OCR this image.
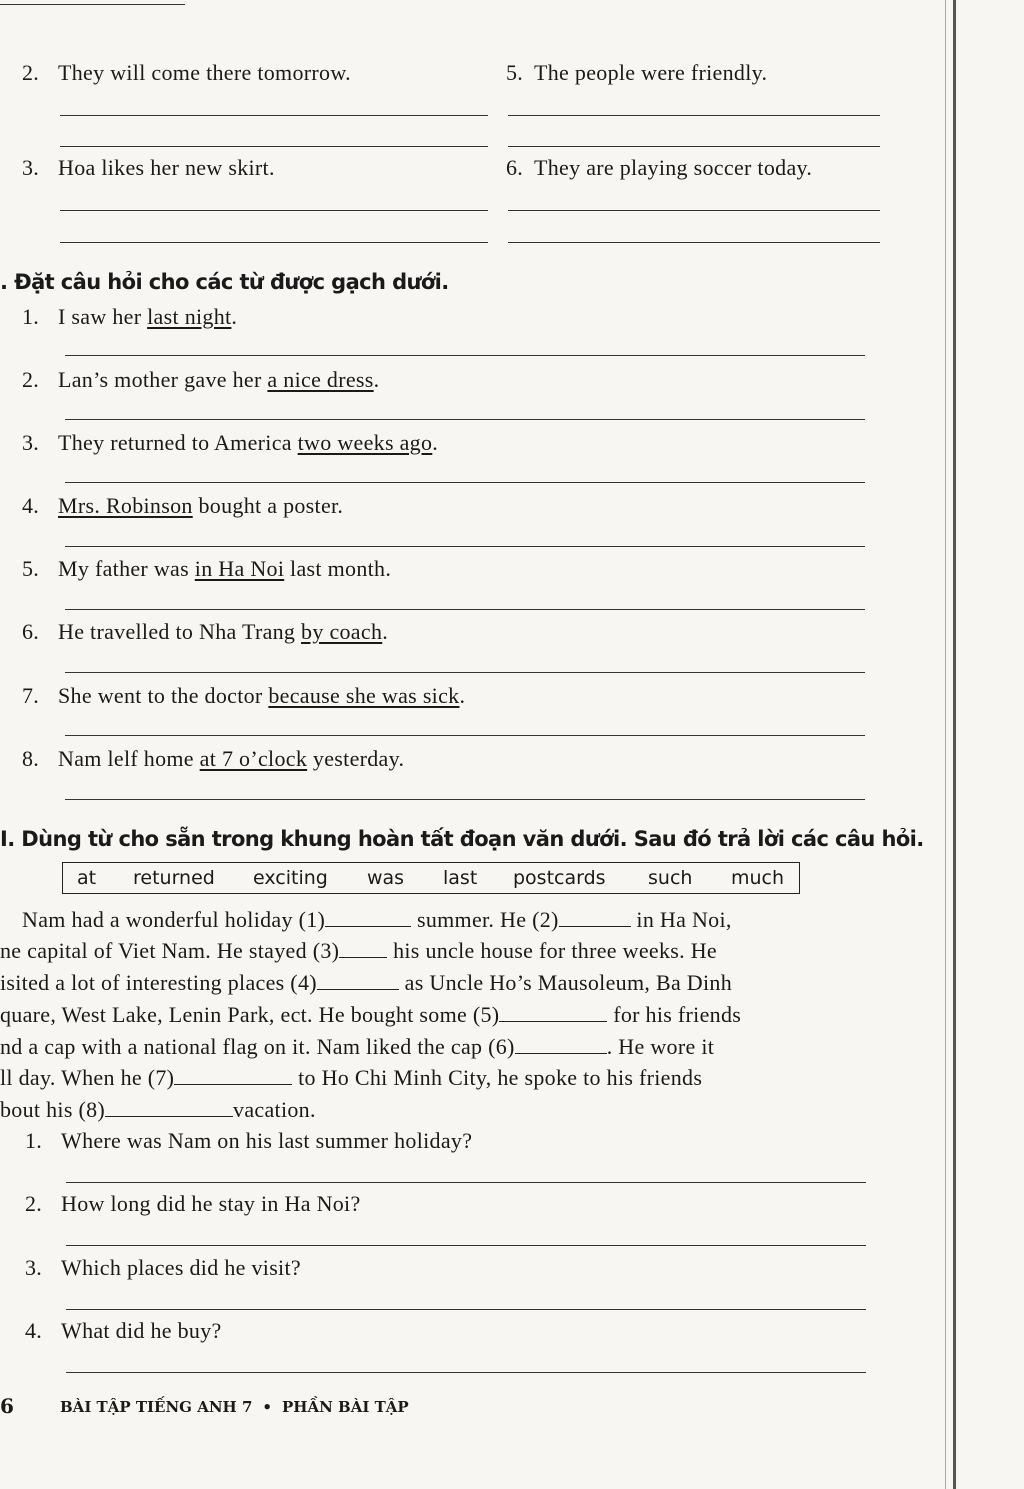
2. They will come there tomorrow.	5. The people were friendly.
3. Hoa likes her new skirt.	6. They are playing soccer today.
. Đặt câu hỏi cho các từ được gạch dưới.
1. I saw her last night.
2. Lan’s mother gave her a nice dress.
3. They returned to America two weeks ago.
4. Mrs. Robinson bought a poster.
5. My father was in Ha Noi last month.
6. He travelled to Nha Trang by coach.
7. She went to the doctor because she was sick.
8. Nam lelf home at 7 o’clock yesterday.
I. Dùng từ cho sẵn trong khung hoàn tất đoạn văn dưới. Sau đó trả lời các câu hỏi.
at returned exciting was last postcards such much
Nam had a wonderful holiday (1)	summer. He (2)	in Ha Noi,
ne capital of Viet Nam. He stayed (3) his uncle house for three weeks. He
isited a lot of interesting places (4)	as Uncle Ho’s Mausoleum, Ba Dinh
quare, West Lake, Lenin Park, ect. He bought some (5)	for his friends
nd a cap with a national flag on it. Nam liked the cap (6)	. He wore it
ll day. When he (7)	to Ho Chi Minh City, he spoke to his friends
bout his (8)	vacation.
1. Where was Nam on his last summer holiday?
2. How long did he stay in Ha Noi?
3. Which places did he visit?
4. What did he buy?
6	BÀI TẬP TIẾNG ANH 7 • PHẦN BÀI TẬP
